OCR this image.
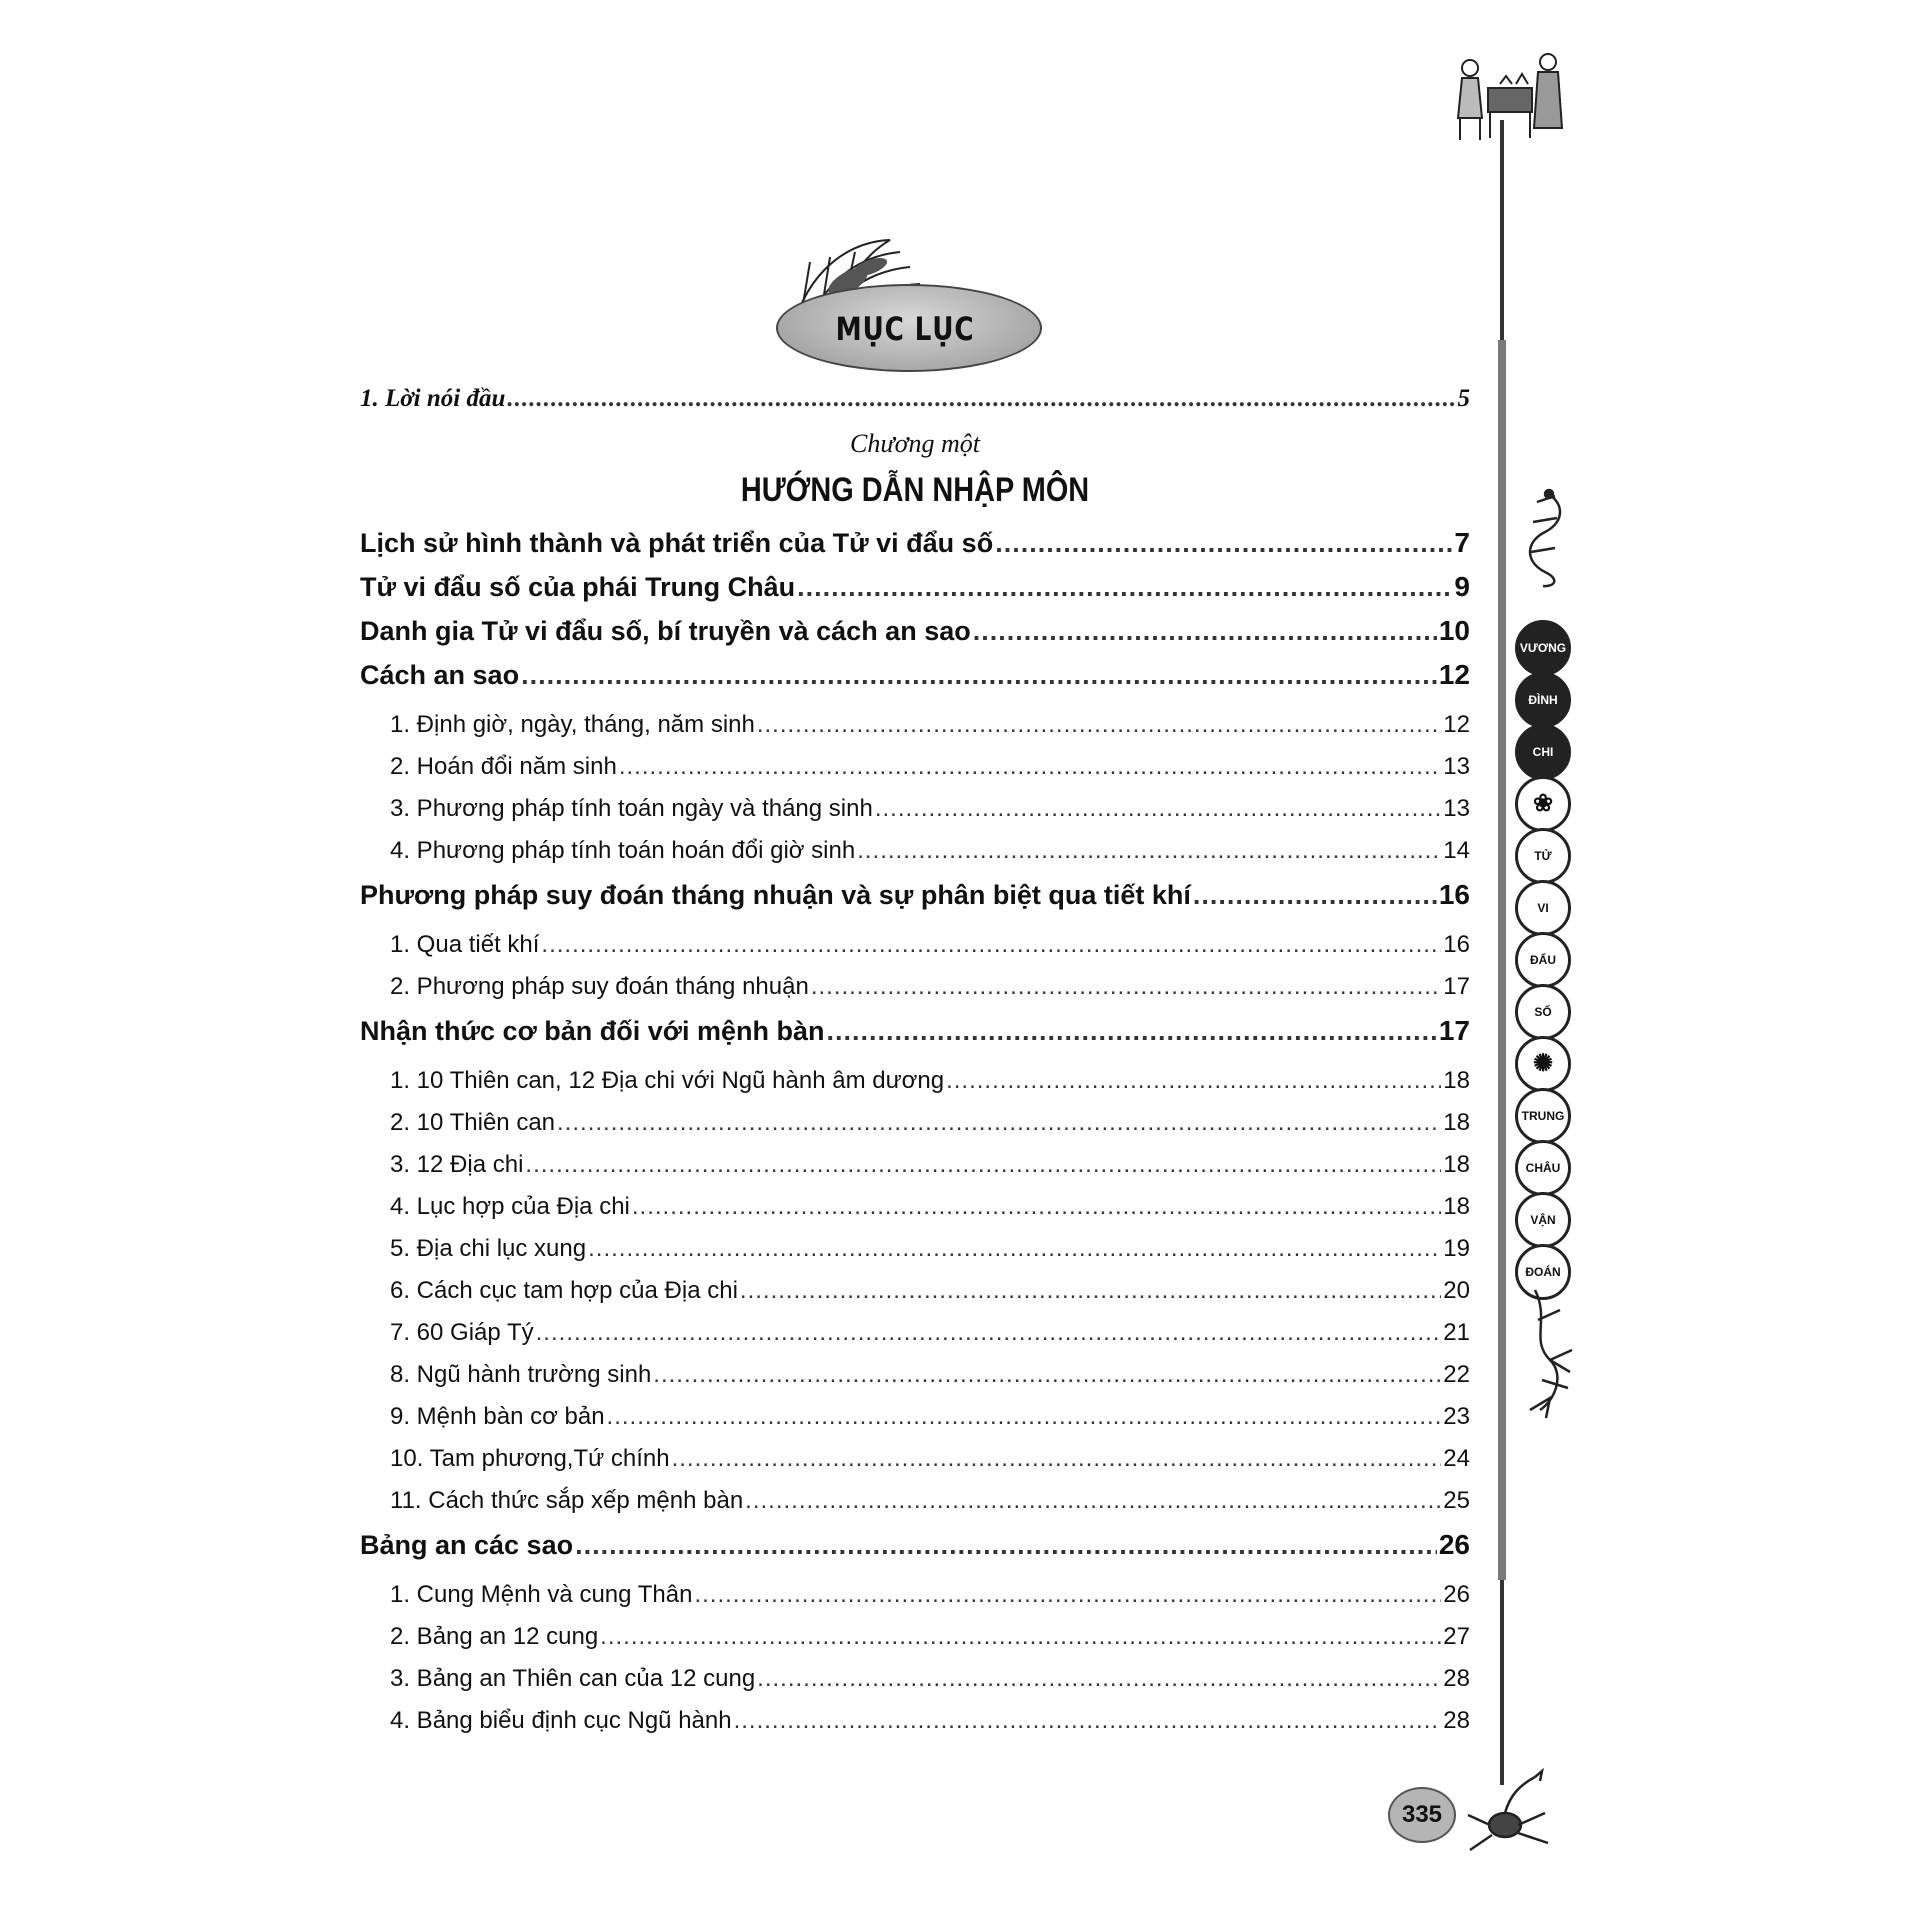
MỤC LỤC
1. Lời nói đầu .....	5
Chương một
HƯỚNG DẪN NHẬP MÔN
Lịch sử hình thành và phát triển của Tử vi đẩu số .....	7
Tử vi đẩu số của phái Trung Châu .....	9
Danh gia Tử vi đẩu số, bí truyền và cách an sao .....	10
Cách an sao .....	12
1. Định giờ, ngày, tháng, năm sinh .....	12
2. Hoán đổi năm sinh .....	13
3. Phương pháp tính toán ngày và tháng sinh .....	13
4. Phương pháp tính toán hoán đổi giờ sinh .....	14
Phương pháp suy đoán tháng nhuận và sự phân biệt qua tiết khí .....	16
1. Qua tiết khí .....	16
2. Phương pháp suy đoán tháng nhuận .....	17
Nhận thức cơ bản đối với mệnh bàn .....	17
1. 10 Thiên can, 12 Địa chi với Ngũ hành âm dương .....	18
2. 10 Thiên can .....	18
3. 12 Địa chi .....	18
4. Lục hợp của Địa chi .....	18
5. Địa chi lục xung .....	19
6. Cách cục tam hợp của Địa chi .....	20
7. 60 Giáp Tý .....	21
8. Ngũ hành trường sinh .....	22
9. Mệnh bàn cơ bản .....	23
10. Tam phương,Tứ chính .....	24
11. Cách thức sắp xếp mệnh bàn .....	25
Bảng an các sao .....	26
1. Cung Mệnh và cung Thân .....	26
2. Bảng an 12 cung .....	27
3. Bảng an Thiên can của 12 cung .....	28
4. Bảng biểu định cục Ngũ hành .....	28
VƯƠNG
ĐÌNH
CHI
❀
TỬ
VI
ĐẨU
SỐ
✺
TRUNG
CHÂU
VẬN
ĐOÁN
335
